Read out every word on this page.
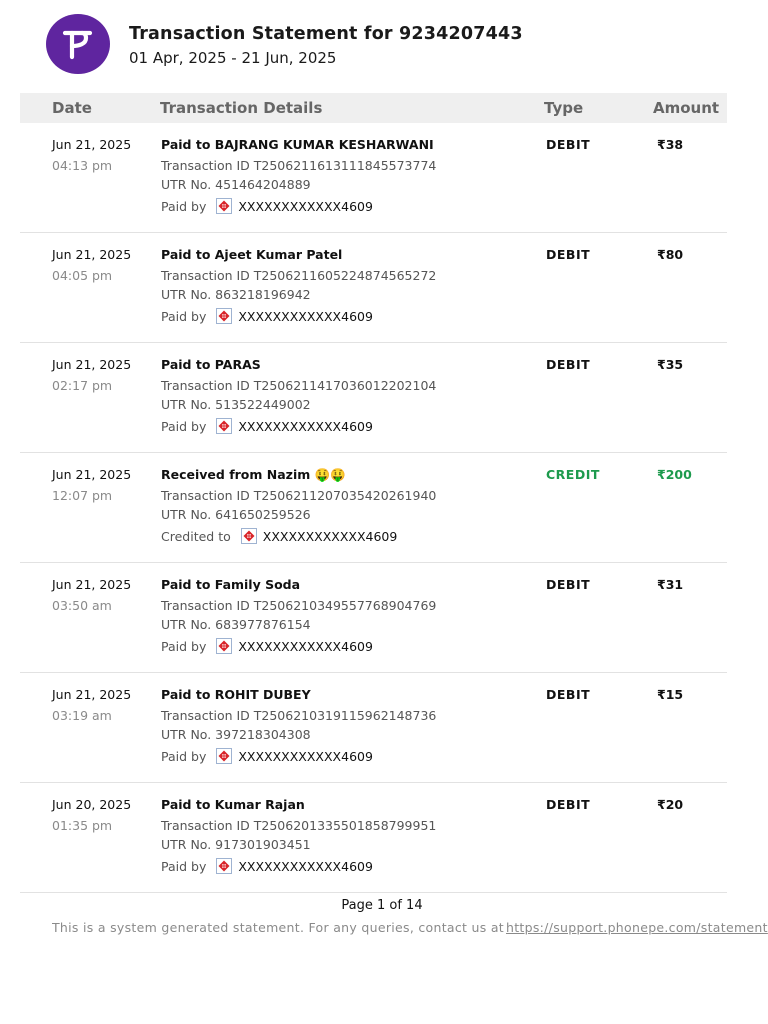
Transaction Statement for 9234207443
01 Apr, 2025 - 21 Jun, 2025
Date	Transaction Details	Type	Amount
Jun 21, 2025
04:13 pm
Paid to BAJRANG KUMAR KESHARWANI
Transaction ID T2506211613111845573774
UTR No. 451464204889
Paid by	XXXXXXXXXXXX4609
DEBIT	₹38
Jun 21, 2025
04:05 pm
Paid to Ajeet Kumar Patel
Transaction ID T2506211605224874565272
UTR No. 863218196942
Paid by	XXXXXXXXXXXX4609
DEBIT	₹80
Jun 21, 2025
02:17 pm
Paid to PARAS
Transaction ID T2506211417036012202104
UTR No. 513522449002
Paid by	XXXXXXXXXXXX4609
DEBIT	₹35
Jun 21, 2025
12:07 pm
Received from Nazim 🤑🤑
Transaction ID T2506211207035420261940
UTR No. 641650259526
Credited to	XXXXXXXXXXXX4609
CREDIT	₹200
Jun 21, 2025
03:50 am
Paid to Family Soda
Transaction ID T2506210349557768904769
UTR No. 683977876154
Paid by	XXXXXXXXXXXX4609
DEBIT	₹31
Jun 21, 2025
03:19 am
Paid to ROHIT DUBEY
Transaction ID T2506210319115962148736
UTR No. 397218304308
Paid by	XXXXXXXXXXXX4609
DEBIT	₹15
Jun 20, 2025
01:35 pm
Paid to Kumar Rajan
Transaction ID T2506201335501858799951
UTR No. 917301903451
Paid by	XXXXXXXXXXXX4609
DEBIT	₹20
Page 1 of 14
This is a system generated statement. For any queries, contact us at https://support.phonepe.com/statement
